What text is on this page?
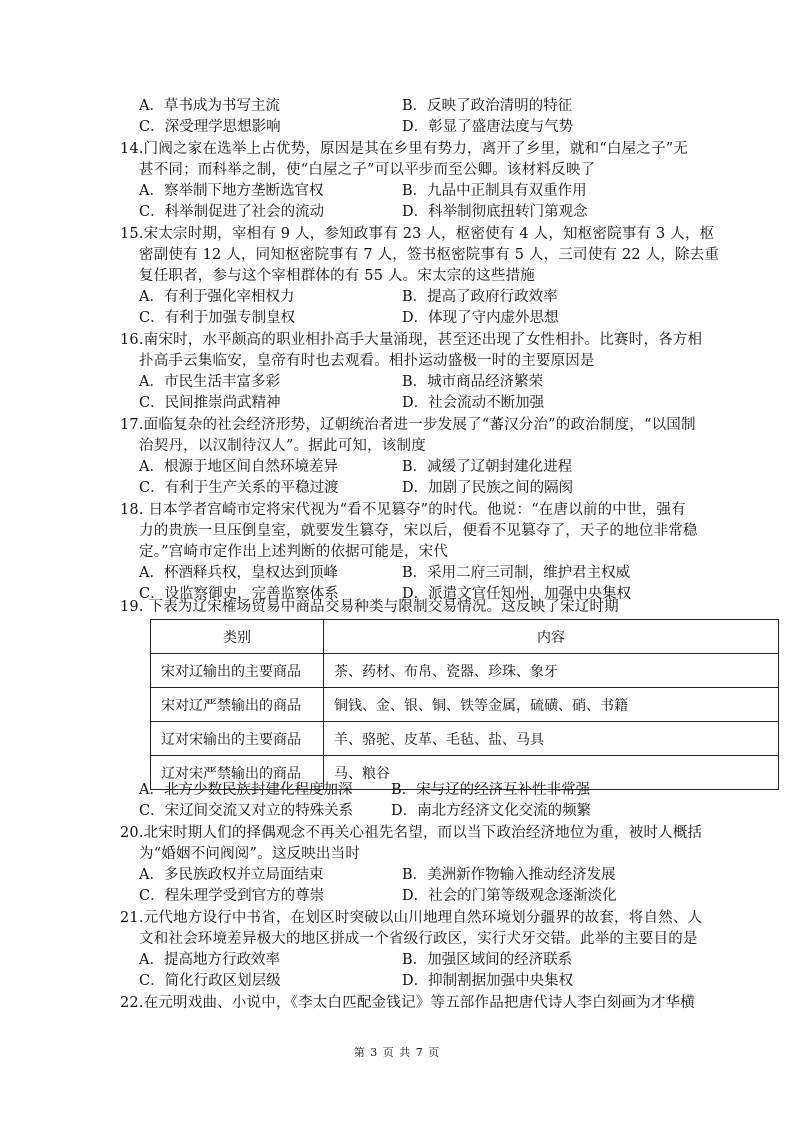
A．草书成为书写主流	B．反映了政治清明的特征
C．深受理学思想影响	D．彰显了盛唐法度与气势
14.门阀之家在选举上占优势，原因是其在乡里有势力，离开了乡里，就和“白屋之子”无
甚不同；而科举之制，使“白屋之子”可以平步而至公卿。该材料反映了
A．察举制下地方垄断选官权	B．九品中正制具有双重作用
C．科举制促进了社会的流动	D．科举制彻底扭转门第观念
15.宋太宗时期，宰相有 9 人，参知政事有 23 人，枢密使有 4 人，知枢密院事有 3 人，枢
密副使有 12 人，同知枢密院事有 7 人，签书枢密院事有 5 人，三司使有 22 人，除去重
复任职者，参与这个宰相群体的有 55 人。宋太宗的这些措施
A．有利于强化宰相权力	B．提高了政府行政效率
C．有利于加强专制皇权	D．体现了守内虚外思想
16.南宋时，水平颇高的职业相扑高手大量涌现，甚至还出现了女性相扑。比赛时，各方相
扑高手云集临安，皇帝有时也去观看。相扑运动盛极一时的主要原因是
A．市民生活丰富多彩	B．城市商品经济繁荣
C．民间推崇尚武精神	D．社会流动不断加强
17.面临复杂的社会经济形势，辽朝统治者进一步发展了“蕃汉分治”的政治制度，“以国制
治契丹，以汉制待汉人”。据此可知，该制度
A．根源于地区间自然环境差异	B．减缓了辽朝封建化进程
C．有利于生产关系的平稳过渡	D．加剧了民族之间的隔阂
18. 日本学者宫崎市定将宋代视为“看不见篡夺”的时代。他说：“在唐以前的中世，强有
力的贵族一旦压倒皇室，就要发生篡夺，宋以后，便看不见篡夺了，天子的地位非常稳
定。”宫崎市定作出上述判断的依据可能是，宋代
A．杯酒释兵权，皇权达到顶峰	B．采用二府三司制，维护君主权威
C．设监察御史，完善监察体系	D．派遣文官任知州，加强中央集权
19. 下表为辽宋榷场贸易中商品交易种类与限制交易情况。这反映了宋辽时期
类别	内容
宋对辽输出的主要商品	茶、药材、布帛、瓷器、珍珠、象牙
宋对辽严禁输出的商品	铜钱、金、银、铜、铁等金属，硫磺、硝、书籍
辽对宋输出的主要商品	羊、骆驼、皮革、毛毡、盐、马具
辽对宋严禁输出的商品	马、粮谷
A．北方少数民族封建化程度加深	B．宋与辽的经济互补性非常强
C．宋辽间交流又对立的特殊关系	D．南北方经济文化交流的频繁
20.北宋时期人们的择偶观念不再关心祖先名望，而以当下政治经济地位为重，被时人概括
为“婚姻不问阀阅”。这反映出当时
A．多民族政权并立局面结束	B．美洲新作物输入推动经济发展
C．程朱理学受到官方的尊崇	D．社会的门第等级观念逐渐淡化
21.元代地方设行中书省，在划区时突破以山川地理自然环境划分疆界的故套，将自然、人
文和社会环境差异极大的地区拼成一个省级行政区，实行犬牙交错。此举的主要目的是
A．提高地方行政效率	B．加强区域间的经济联系
C．简化行政区划层级	D．抑制割据加强中央集权
22.在元明戏曲、小说中，《李太白匹配金钱记》等五部作品把唐代诗人李白刻画为才华横
第 3 页 共 7 页
